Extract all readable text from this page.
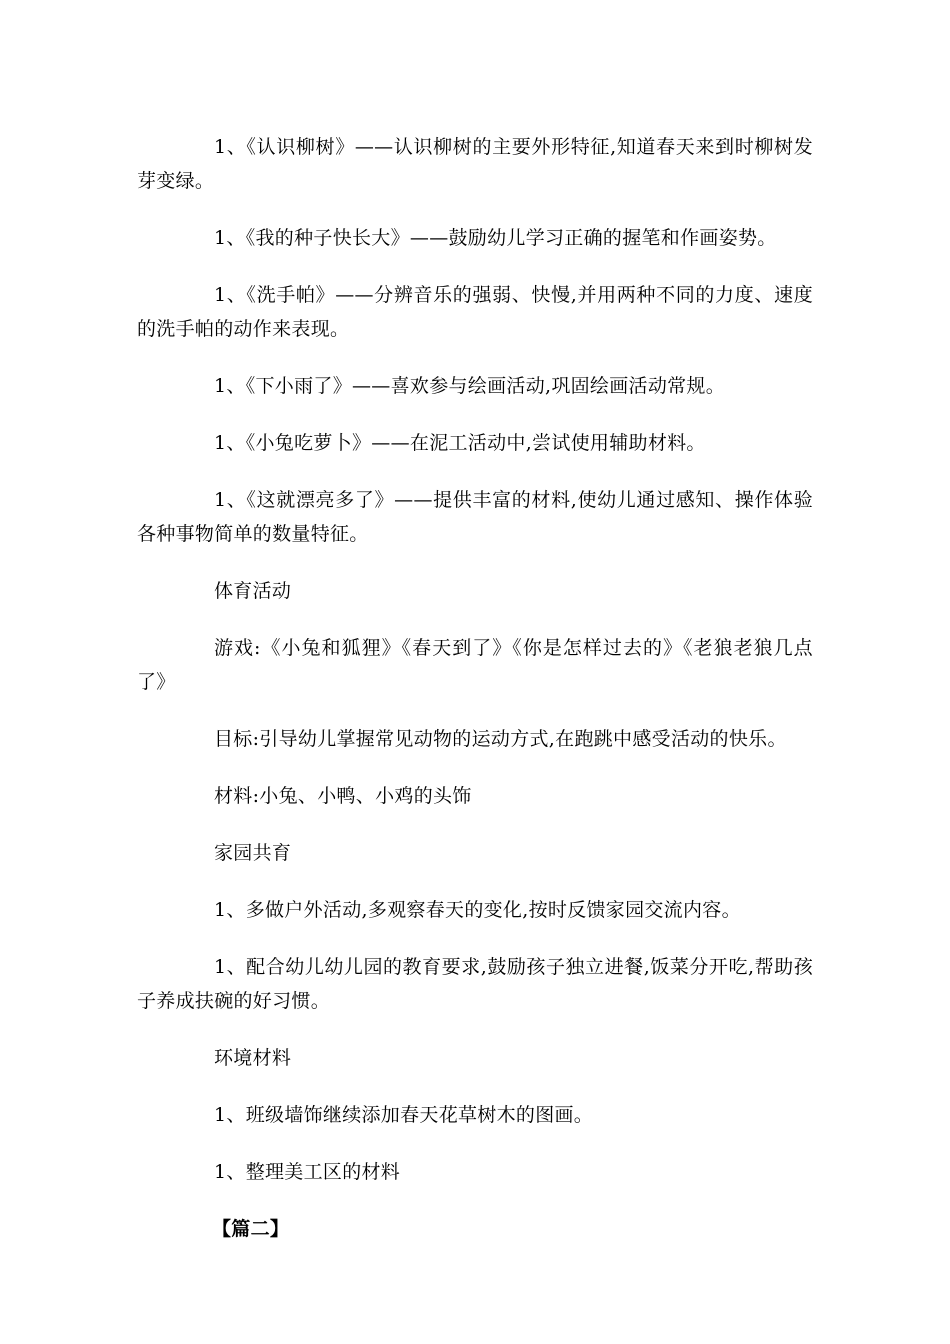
1、《认识柳树》——认识柳树的主要外形特征,知道春天来到时柳树发芽变绿。

1、《我的种子快长大》——鼓励幼儿学习正确的握笔和作画姿势。

1、《洗手帕》——分辨音乐的强弱、快慢,并用两种不同的力度、速度的洗手帕的动作来表现。

1、《下小雨了》——喜欢参与绘画活动,巩固绘画活动常规。

1、《小兔吃萝卜》——在泥工活动中,尝试使用辅助材料。

1、《这就漂亮多了》——提供丰富的材料,使幼儿通过感知、操作体验各种事物简单的数量特征。

体育活动

游戏:《小兔和狐狸》《春天到了》《你是怎样过去的》《老狼老狼几点了》

目标:引导幼儿掌握常见动物的运动方式,在跑跳中感受活动的快乐。

材料:小兔、小鸭、小鸡的头饰

家园共育

1、多做户外活动,多观察春天的变化,按时反馈家园交流内容。

1、配合幼儿幼儿园的教育要求,鼓励孩子独立进餐,饭菜分开吃,帮助孩子养成扶碗的好习惯。

环境材料

1、班级墙饰继续添加春天花草树木的图画。

1、整理美工区的材料

【篇二】
